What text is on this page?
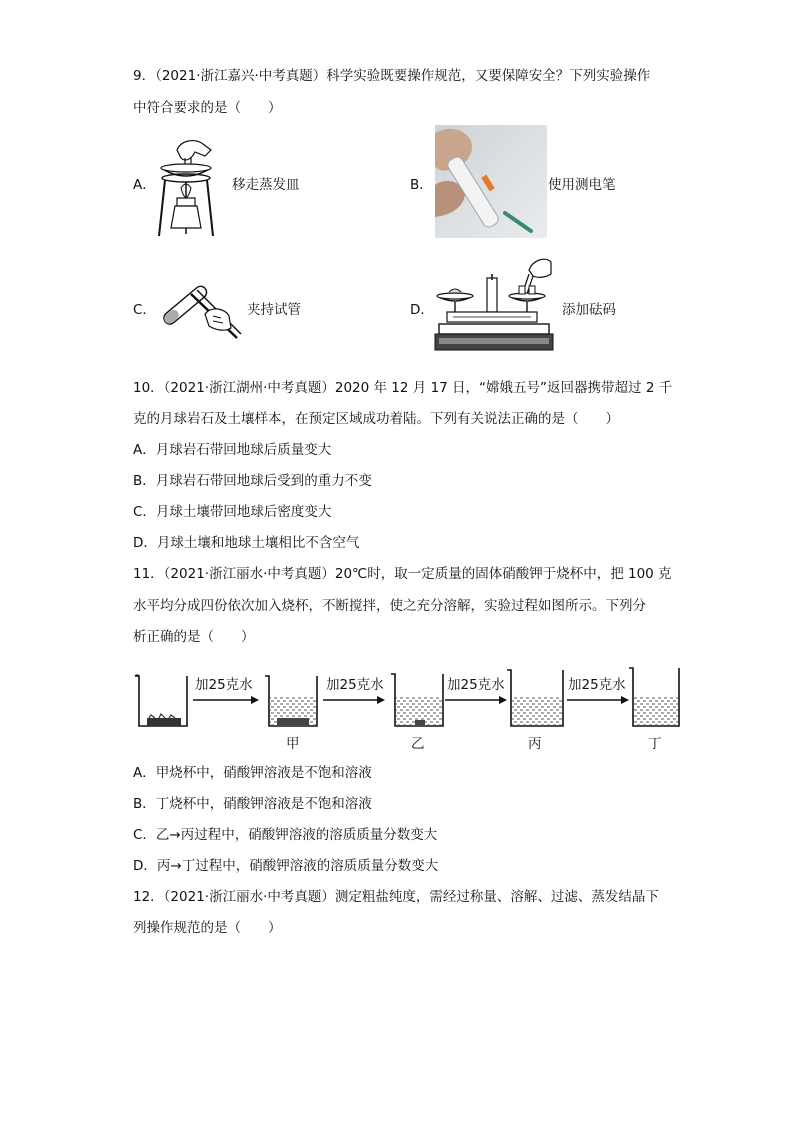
9．（2021·浙江嘉兴·中考真题）科学实验既要操作规范，又要保障安全？下列实验操作
中符合要求的是（　　）
A．	移走蒸发皿	B．	使用测电笔
C．	夹持试管	D．	添加砝码
10．（2021·浙江湖州·中考真题）2020 年 12 月 17 日，“嫦娥五号”返回器携带超过 2 千
克的月球岩石及土壤样本，在预定区域成功着陆。下列有关说法正确的是（　　）
A．月球岩石带回地球后质量变大
B．月球岩石带回地球后受到的重力不变
C．月球土壤带回地球后密度变大
D．月球土壤和地球土壤相比不含空气
11．（2021·浙江丽水·中考真题）20℃时，取一定质量的固体硝酸钾于烧杯中，把 100 克
水平均分成四份依次加入烧杯，不断搅拌，使之充分溶解，实验过程如图所示。下列分
析正确的是（　　）
加25克水	加25克水	加25克水	加25克水
甲	乙	丙	丁
A．甲烧杯中，硝酸钾溶液是不饱和溶液
B．丁烧杯中，硝酸钾溶液是不饱和溶液
C．乙→丙过程中，硝酸钾溶液的溶质质量分数变大
D．丙→丁过程中，硝酸钾溶液的溶质质量分数变大
12．（2021·浙江丽水·中考真题）测定粗盐纯度，需经过称量、溶解、过滤、蒸发结晶下
列操作规范的是（　　）
